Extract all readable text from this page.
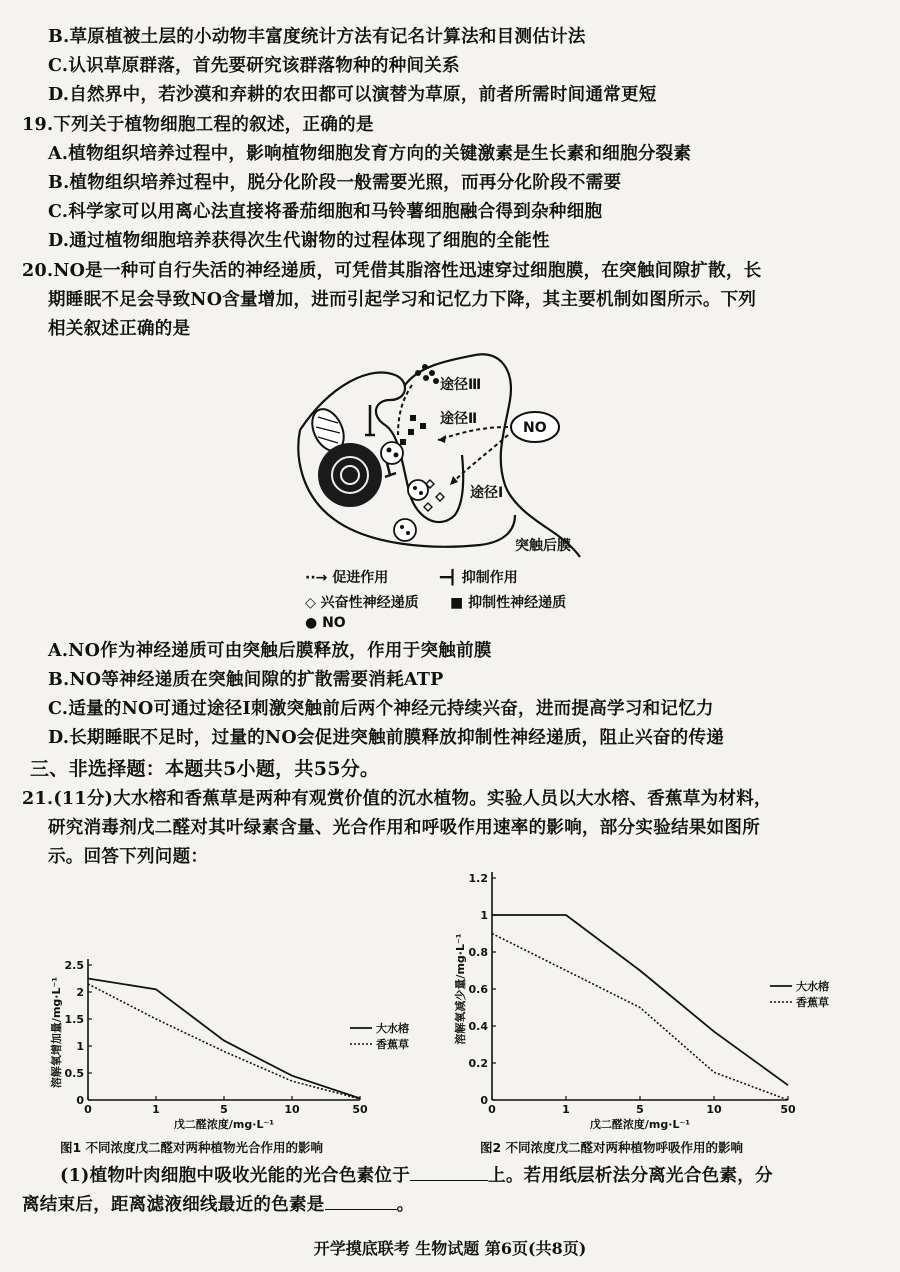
B.草原植被土层的小动物丰富度统计方法有记名计算法和目测估计法
C.认识草原群落，首先要研究该群落物种的种间关系
D.自然界中，若沙漠和弃耕的农田都可以演替为草原，前者所需时间通常更短
19.下列关于植物细胞工程的叙述，正确的是
A.植物组织培养过程中，影响植物细胞发育方向的关键激素是生长素和细胞分裂素
B.植物组织培养过程中，脱分化阶段一般需要光照，而再分化阶段不需要
C.科学家可以用离心法直接将番茄细胞和马铃薯细胞融合得到杂种细胞
D.通过植物细胞培养获得次生代谢物的过程体现了细胞的全能性
20.NO是一种可自行失活的神经递质，可凭借其脂溶性迅速穿过细胞膜，在突触间隙扩散，长
期睡眠不足会导致NO含量增加，进而引起学习和记忆力下降，其主要机制如图所示。下列
相关叙述正确的是
NO
途径Ⅲ
途径Ⅱ
途径Ⅰ
突触后膜
··→ 促进作用	━┫ 抑制作用
◇ 兴奋性神经递质 ■ 抑制性神经递质
● NO
A.NO作为神经递质可由突触后膜释放，作用于突触前膜
B.NO等神经递质在突触间隙的扩散需要消耗ATP
C.适量的NO可通过途径Ⅰ刺激突触前后两个神经元持续兴奋，进而提高学习和记忆力
D.长期睡眠不足时，过量的NO会促进突触前膜释放抑制性神经递质，阻止兴奋的传递
三、非选择题：本题共5小题，共55分。
21.(11分)大水榕和香蕉草是两种有观赏价值的沉水植物。实验人员以大水榕、香蕉草为材料，
研究消毒剂戊二醛对其叶绿素含量、光合作用和呼吸作用速率的影响，部分实验结果如图所
示。回答下列问题：
0	1	5	10	50
0
0.5
1
1.5
2
2.5
戊二醛浓度/mg·L⁻¹
溶解氧增加量/mg·L⁻¹	大水榕
香蕉草
0	1	5	10	50
0
0.2
0.4
0.6
0.8
1
1.2
戊二醛浓度/mg·L⁻¹
溶解氧减少量/mg·L⁻¹	大水榕
香蕉草
图1 不同浓度戊二醛对两种植物光合作用的影响	图2 不同浓度戊二醛对两种植物呼吸作用的影响
(1)植物叶肉细胞中吸收光能的光合色素位于	上。若用纸层析法分离光合色素，分
离结束后，距离滤液细线最近的色素是	。
开学摸底联考 生物试题 第6页(共8页)
